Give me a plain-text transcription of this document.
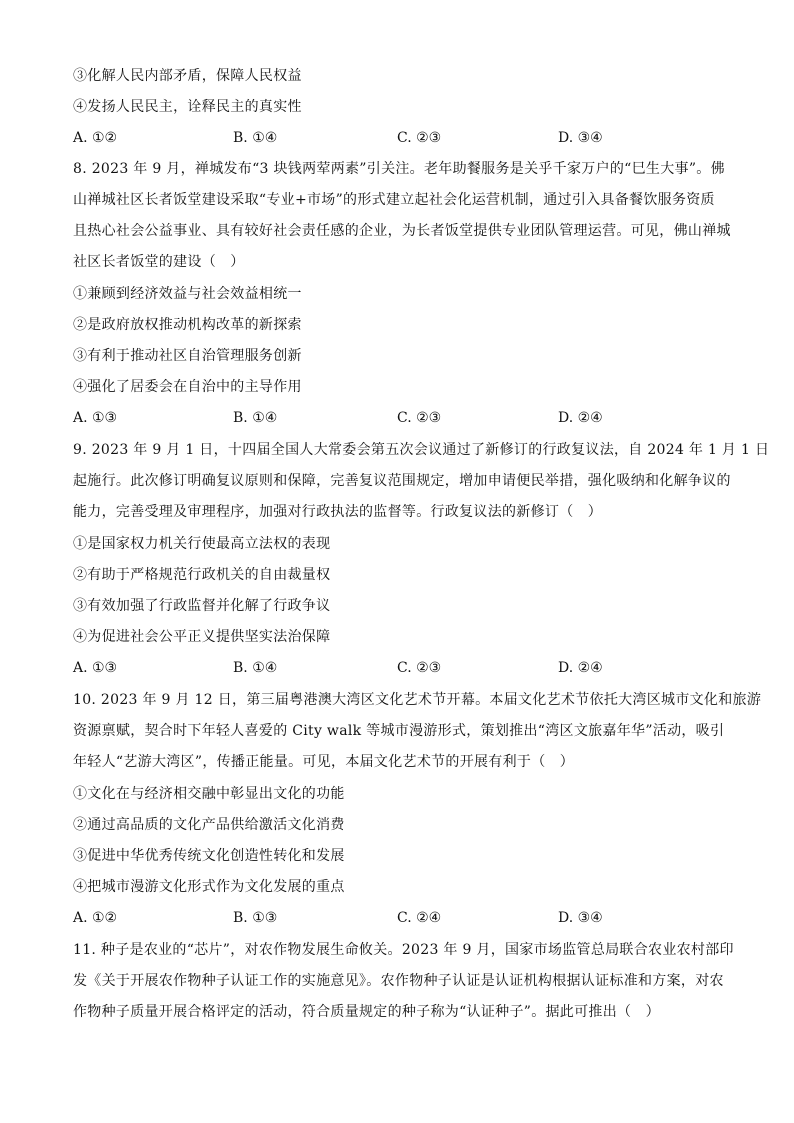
③化解人民内部矛盾，保障人民权益
④发扬人民民主，诠释民主的真实性
A. ①②	B. ①④	C. ②③	D. ③④
8. 2023 年 9 月，禅城发布“3 块钱两荤两素”引关注。老年助餐服务是关乎千家万户的“巳生大事”。佛
山禅城社区长者饭堂建设采取“专业+市场”的形式建立起社会化运营机制，通过引入具备餐饮服务资质
且热心社会公益事业、具有较好社会责任感的企业，为长者饭堂提供专业团队管理运营。可见，佛山禅城
社区长者饭堂的建设（　）
①兼顾到经济效益与社会效益相统一
②是政府放权推动机构改革的新探索
③有利于推动社区自治管理服务创新
④强化了居委会在自治中的主导作用
A. ①③	B. ①④	C. ②③	D. ②④
9. 2023 年 9 月 1 日，十四届全国人大常委会第五次会议通过了新修订的行政复议法，自 2024 年 1 月 1 日
起施行。此次修订明确复议原则和保障，完善复议范围规定，增加申请便民举措，强化吸纳和化解争议的
能力，完善受理及审理程序，加强对行政执法的监督等。行政复议法的新修订（　）
①是国家权力机关行使最高立法权的表现
②有助于严格规范行政机关的自由裁量权
③有效加强了行政监督并化解了行政争议
④为促进社会公平正义提供坚实法治保障
A. ①③	B. ①④	C. ②③	D. ②④
10. 2023 年 9 月 12 日，第三届粤港澳大湾区文化艺术节开幕。本届文化艺术节依托大湾区城市文化和旅游
资源禀赋，契合时下年轻人喜爱的 City walk 等城市漫游形式，策划推出“湾区文旅嘉年华”活动，吸引
年轻人“艺游大湾区”，传播正能量。可见，本届文化艺术节的开展有利于（　）
①文化在与经济相交融中彰显出文化的功能
②通过高品质的文化产品供给激活文化消费
③促进中华优秀传统文化创造性转化和发展
④把城市漫游文化形式作为文化发展的重点
A. ①②	B. ①③	C. ②④	D. ③④
11. 种子是农业的“芯片”，对农作物发展生命攸关。2023 年 9 月，国家市场监管总局联合农业农村部印
发《关于开展农作物种子认证工作的实施意见》。农作物种子认证是认证机构根据认证标准和方案，对农
作物种子质量开展合格评定的活动，符合质量规定的种子称为“认证种子”。据此可推出（　）
